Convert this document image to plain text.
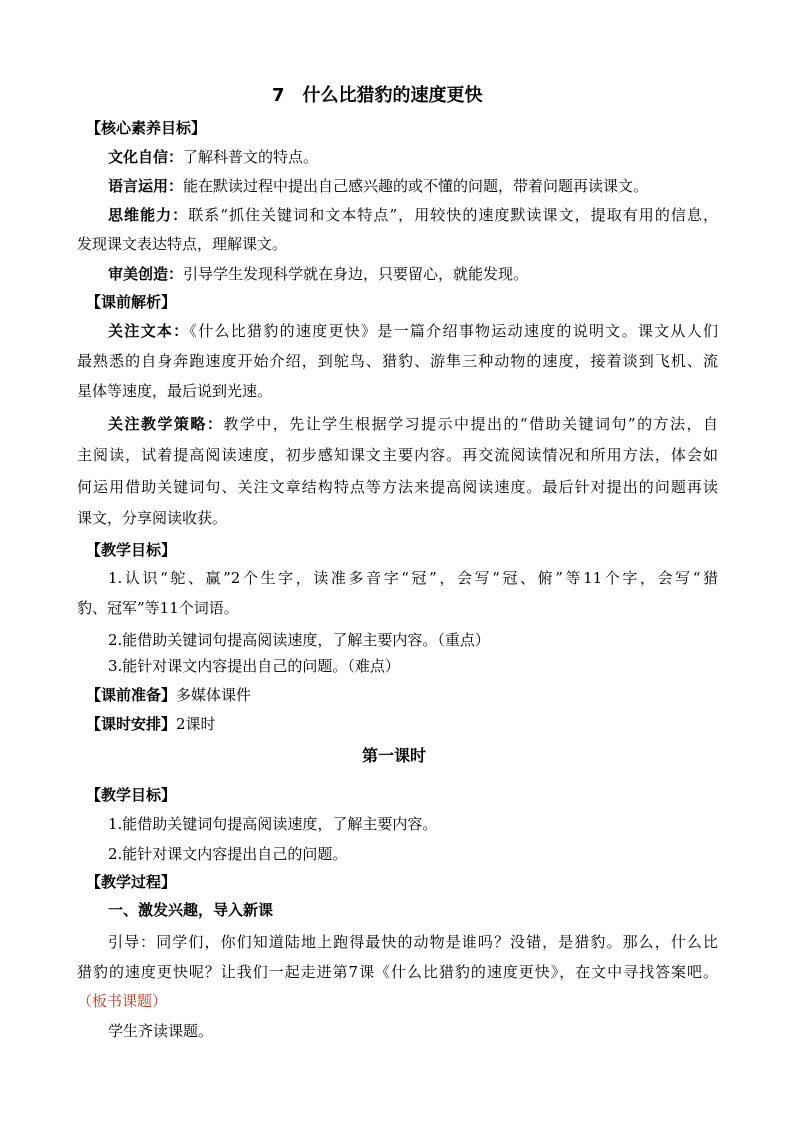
7　什么比猎豹的速度更快
【核心素养目标】
文化自信：了解科普文的特点。
语言运用：能在默读过程中提出自己感兴趣的或不懂的问题，带着问题再读课文。
思维能力：联系“抓住关键词和文本特点”，用较快的速度默读课文，提取有用的信息，
发现课文表达特点，理解课文。
审美创造：引导学生发现科学就在身边，只要留心，就能发现。
【课前解析】
关注文本：《什么比猎豹的速度更快》是一篇介绍事物运动速度的说明文。课文从人们
最熟悉的自身奔跑速度开始介绍，到鸵鸟、猎豹、游隼三种动物的速度，接着谈到飞机、流
星体等速度，最后说到光速。
关注教学策略：教学中，先让学生根据学习提示中提出的“借助关键词句”的方法，自
主阅读，试着提高阅读速度，初步感知课文主要内容。再交流阅读情况和所用方法，体会如
何运用借助关键词句、关注文章结构特点等方法来提高阅读速度。最后针对提出的问题再读
课文，分享阅读收获。
【教学目标】
1.认识“鸵、赢”2个生字，读准多音字“冠”，会写“冠、俯”等11个字，会写“猎
豹、冠军”等11个词语。
2.能借助关键词句提高阅读速度，了解主要内容。（重点）
3.能针对课文内容提出自己的问题。（难点）
【课前准备】多媒体课件
【课时安排】2课时
第一课时
【教学目标】
1.能借助关键词句提高阅读速度，了解主要内容。
2.能针对课文内容提出自己的问题。
【教学过程】
一、激发兴趣，导入新课
引导：同学们，你们知道陆地上跑得最快的动物是谁吗？没错，是猎豹。那么，什么比
猎豹的速度更快呢？让我们一起走进第7课《什么比猎豹的速度更快》，在文中寻找答案吧。
（板书课题）
学生齐读课题。
